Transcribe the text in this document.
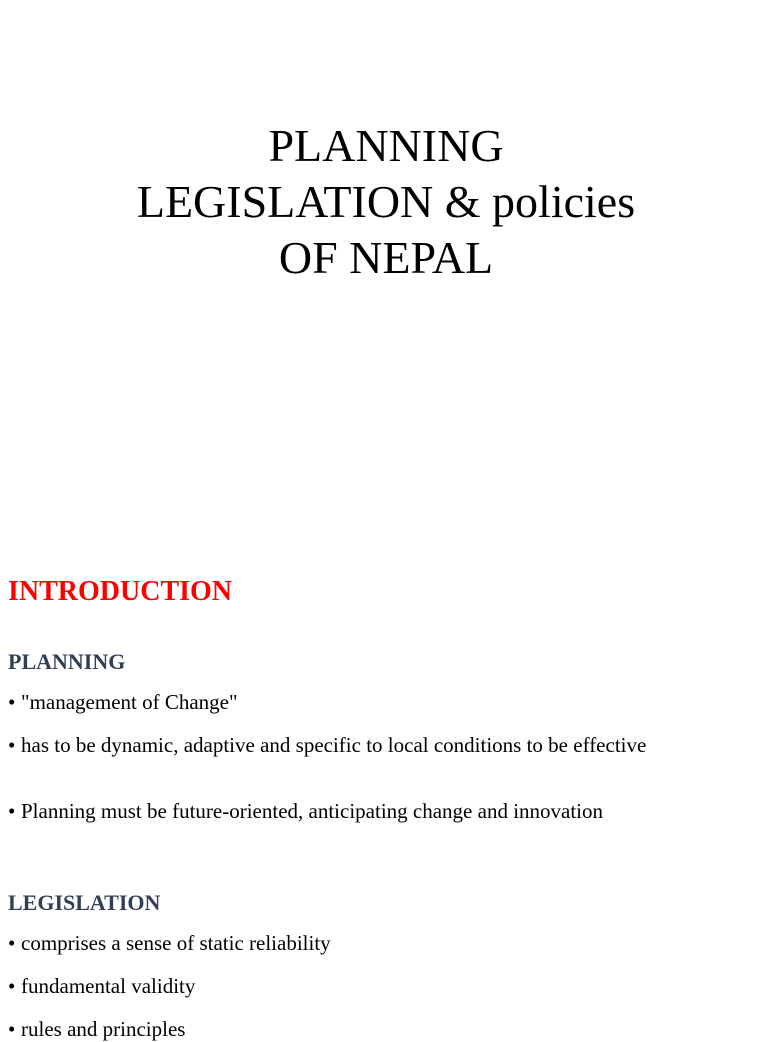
PLANNING
LEGISLATION & policies
OF NEPAL
INTRODUCTION
PLANNING
• "management of Change"
• has to be dynamic, adaptive and specific to local conditions to be effective
• Planning must be future-oriented, anticipating change and innovation
LEGISLATION
• comprises a sense of static reliability
• fundamental validity
• rules and principles
